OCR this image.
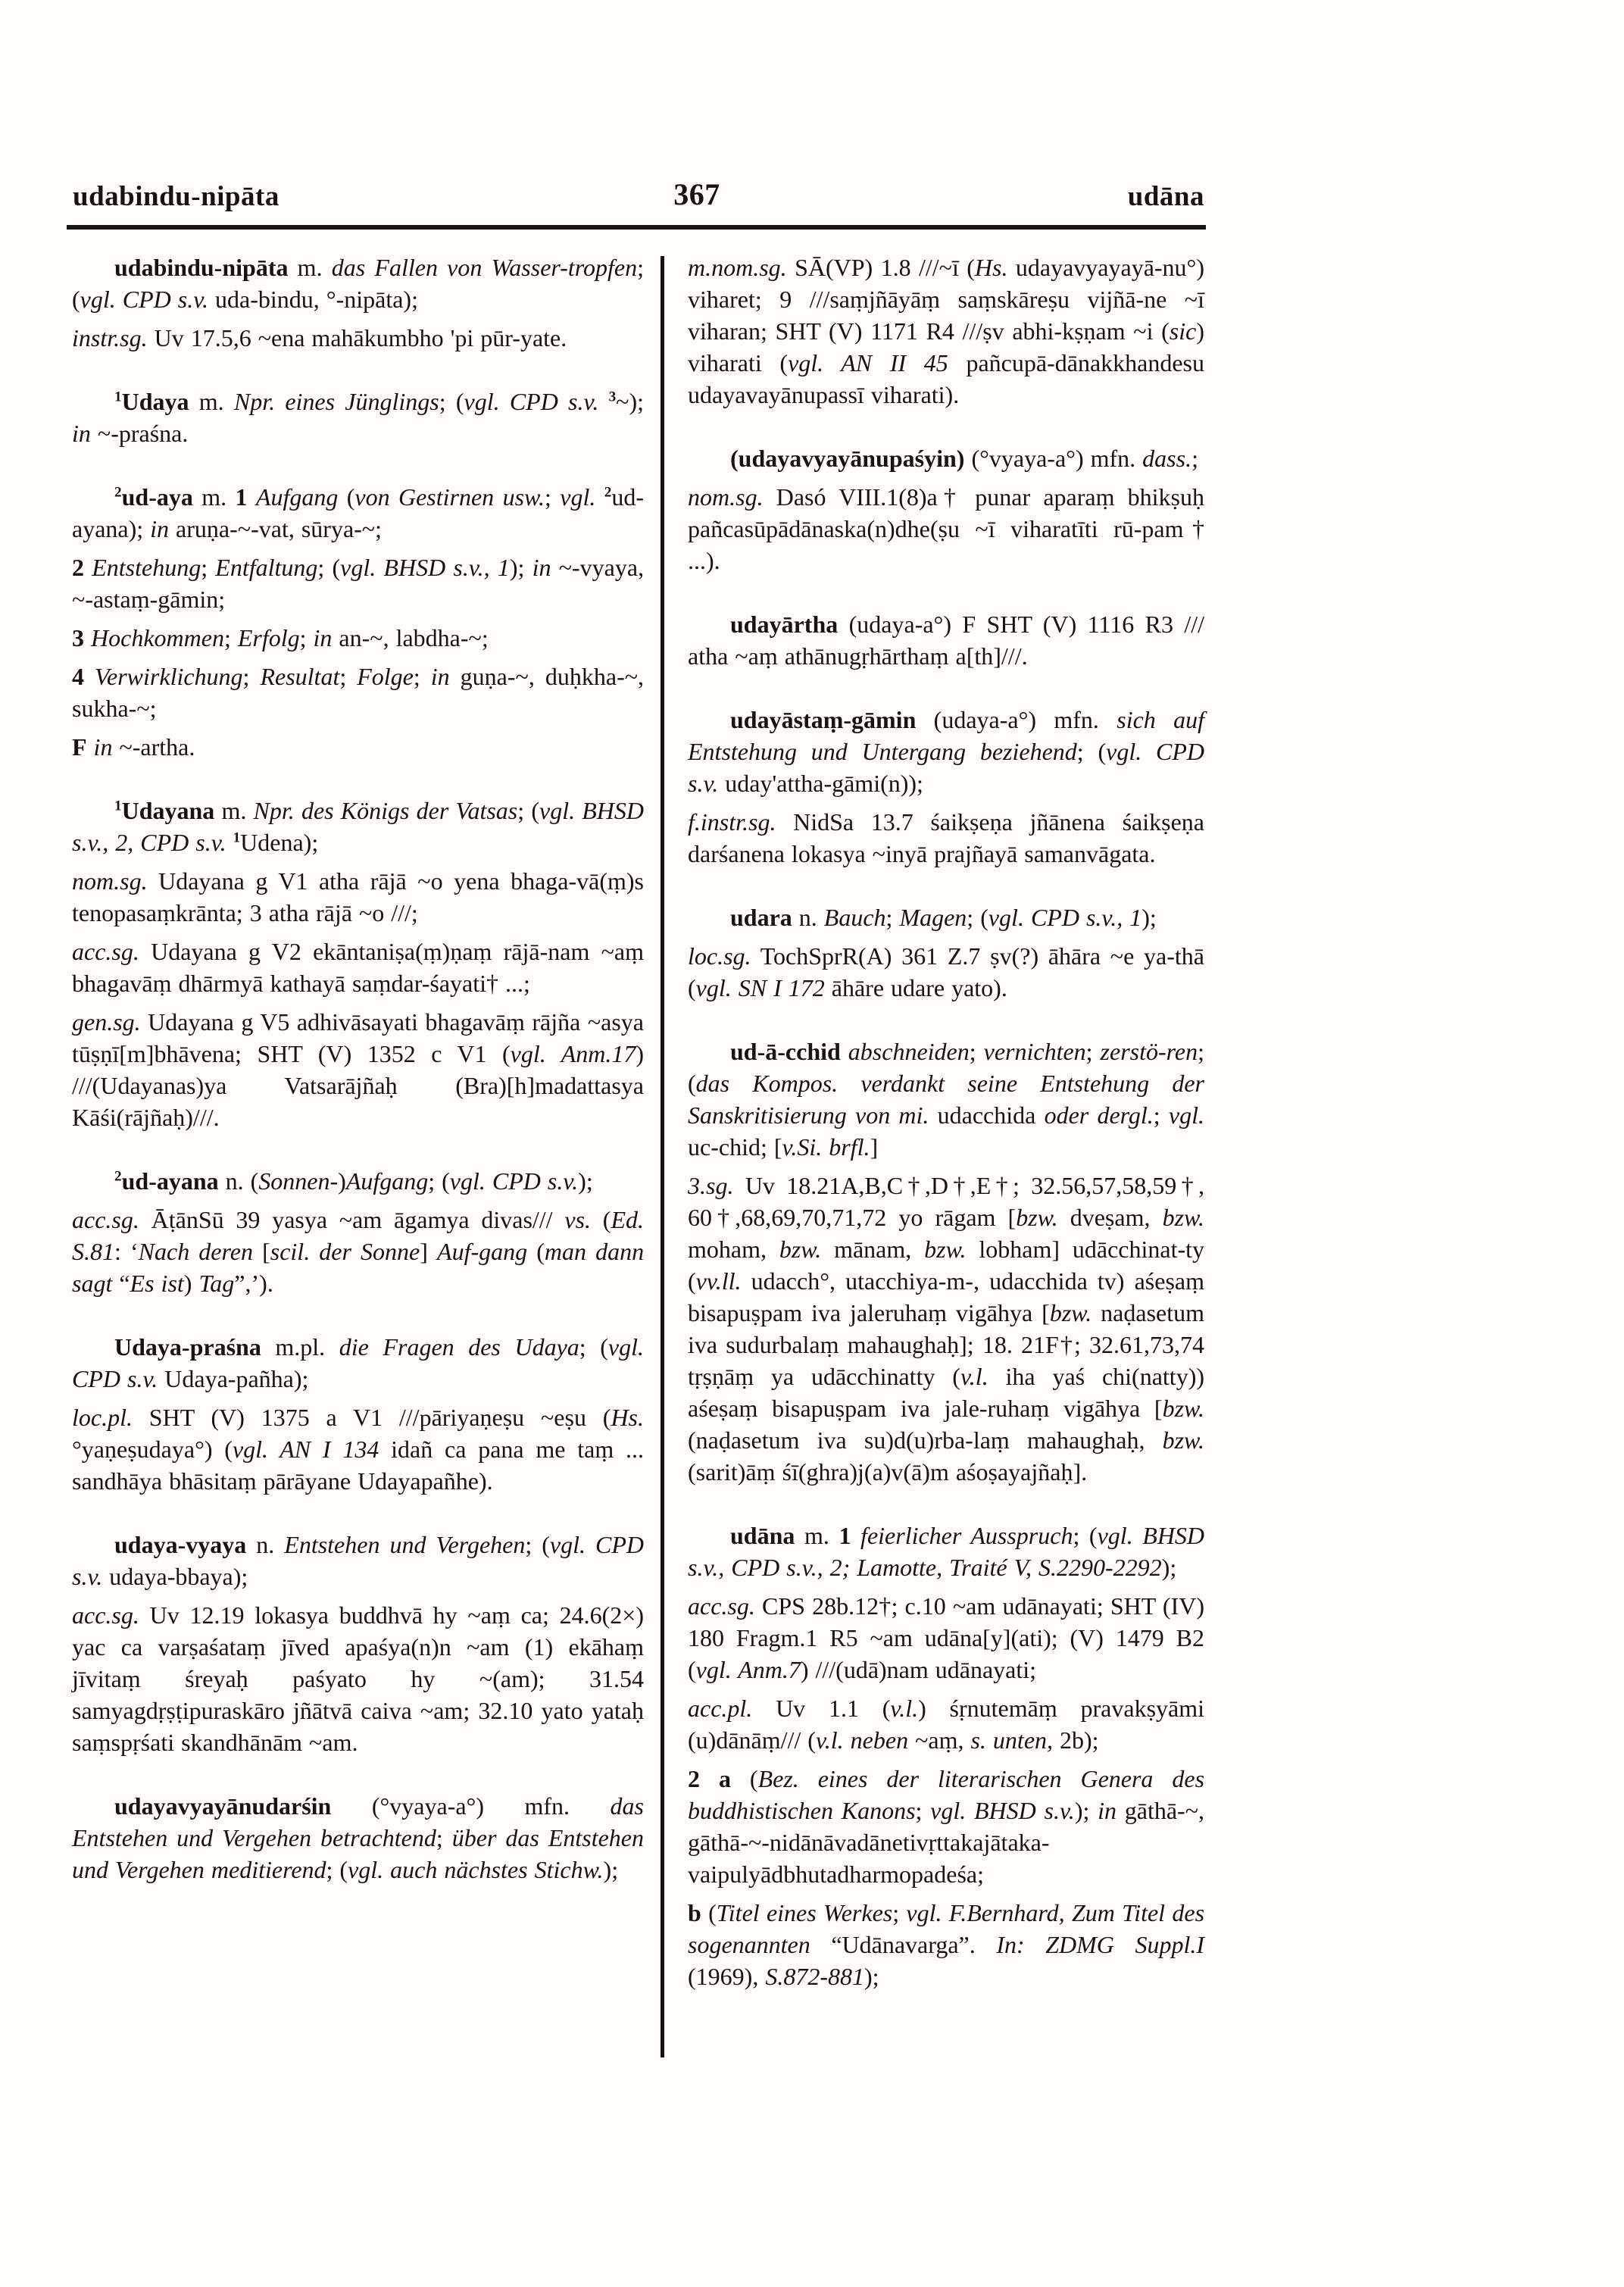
udabindu-nipāta	367	udāna

udabindu-nipāta m. das Fallen von Wasser-tropfen; (vgl. CPD s.v. uda-bindu, °-nipāta);

instr.sg. Uv 17.5,6 ~ena mahākumbho 'pi pūr-yate.

$^1$Udaya m. Npr. eines Jünglings; (vgl. CPD s.v. $^3$~); in ~-praśna.

$^2$ud-aya m. 1 Aufgang (von Gestirnen usw.; vgl. $^2$ud-ayana); in aruṇa-~-vat, sūrya-~;

2 Entstehung; Entfaltung; (vgl. BHSD s.v., 1); in ~-vyaya, ~-astaṃ-gāmin;

3 Hochkommen; Erfolg; in an-~, labdha-~;

4 Verwirklichung; Resultat; Folge; in guṇa-~, duḥkha-~, sukha-~;

F in ~-artha.

$^1$Udayana m. Npr. des Königs der Vatsas; (vgl. BHSD s.v., 2, CPD s.v. $^1$Udena);

nom.sg. Udayana g V1 atha rājā ~o yena bhaga-vā(ṃ)s tenopasaṃkrānta; 3 atha rājā ~o ///;

acc.sg. Udayana g V2 ekāntaniṣa(ṃ)ṇaṃ rājā-nam ~aṃ bhagavāṃ dhārmyā kathayā saṃdar-śayati† ...;

gen.sg. Udayana g V5 adhivāsayati bhagavāṃ rājña ~asya tūṣṇī[m]bhāvena; SHT (V) 1352 c V1 (vgl. Anm.17) ///(Udayanas)ya Vatsarājñaḥ (Bra)[h]madattasya Kāśi(rājñaḥ)///.

$^2$ud-ayana n. (Sonnen-)Aufgang; (vgl. CPD s.v.);

acc.sg. ĀṭānSū 39 yasya ~am āgamya divas/// vs. (Ed. S.81: ‘Nach deren [scil. der Sonne] Auf-gang (man dann sagt “Es ist) Tag”,’).

Udaya-praśna m.pl. die Fragen des Udaya; (vgl. CPD s.v. Udaya-pañha);

loc.pl. SHT (V) 1375 a V1 ///pāriyaṇeṣu ~eṣu (Hs. °yaṇeṣudaya°) (vgl. AN I 134 idañ ca pana me taṃ ... sandhāya bhāsitaṃ pārāyane Udayapañhe).

udaya-vyaya n. Entstehen und Vergehen; (vgl. CPD s.v. udaya-bbaya);

acc.sg. Uv 12.19 lokasya buddhvā hy ~aṃ ca; 24.6(2×) yac ca varṣaśataṃ jīved apaśya(n)n ~am (1) ekāhaṃ jīvitaṃ śreyaḥ paśyato hy ~(am); 31.54 samyagdṛṣṭipuraskāro jñātvā caiva ~am; 32.10 yato yataḥ saṃspṛśati skandhānām ~am.

udayavyayānudarśin (°vyaya-a°) mfn. das Entstehen und Vergehen betrachtend; über das Entstehen und Vergehen meditierend; (vgl. auch nächstes Stichw.);

m.nom.sg. SĀ(VP) 1.8 ///~ī (Hs. udayavyayayā-nu°) viharet; 9 ///saṃjñāyāṃ saṃskāreṣu vijñā-ne ~ī viharan; SHT (V) 1171 R4 ///ṣv abhi-kṣṇam ~i (sic) viharati (vgl. AN II 45 pañcupā-dānakkhandesu udayavayānupassī viharati).

(udayavyayānupaśyin) (°vyaya-a°) mfn. dass.;

nom.sg. Dasó VIII.1(8)a† punar aparaṃ bhikṣuḥ pañcasūpādānaska(n)dhe(ṣu ~ī viharatīti rū-pam† ...).

udayārtha (udaya-a°) F SHT (V) 1116 R3 /// atha ~aṃ athānugṛhārthaṃ a[th]///.

udayāstaṃ-gāmin (udaya-a°) mfn. sich auf Entstehung und Untergang beziehend; (vgl. CPD s.v. uday'attha-gāmi(n));

f.instr.sg. NidSa 13.7 śaikṣeṇa jñānena śaikṣeṇa darśanena lokasya ~inyā prajñayā samanvāgata.

udara n. Bauch; Magen; (vgl. CPD s.v., 1);

loc.sg. TochSprR(A) 361 Z.7 ṣv(?) āhāra ~e ya-thā (vgl. SN I 172 āhāre udare yato).

ud-ā-cchid abschneiden; vernichten; zerstö-ren; (das Kompos. verdankt seine Entstehung der Sanskritisierung von mi. udacchida oder dergl.; vgl. uc-chid; [v.Si. brfl.]

3.sg. Uv 18.21A,B,C†,D†,E†; 32.56,57,58,59†, 60†,68,69,70,71,72 yo rāgam [bzw. dveṣam, bzw. moham, bzw. mānam, bzw. lobham] udācchinat-ty (vv.ll. udacch°, utacchiya-m-, udacchida tv) aśeṣaṃ bisapuṣpam iva jaleruhaṃ vigāhya [bzw. naḍasetum iva sudurbalaṃ mahaughaḥ]; 18. 21F†; 32.61,73,74 tṛṣṇāṃ ya udācchinatty (v.l. iha yaś chi(natty)) aśeṣaṃ bisapuṣpam iva jale-ruhaṃ vigāhya [bzw. (naḍasetum iva su)d(u)rba-laṃ mahaughaḥ, bzw. (sarit)āṃ śī(ghra)j(a)v(ā)m aśoṣayajñaḥ].

udāna m. 1 feierlicher Ausspruch; (vgl. BHSD s.v., CPD s.v., 2; Lamotte, Traité V, S.2290-2292);

acc.sg. CPS 28b.12†; c.10 ~am udānayati; SHT (IV) 180 Fragm.1 R5 ~am udāna[y](ati); (V) 1479 B2 (vgl. Anm.7) ///(udā)nam udānayati;

acc.pl. Uv 1.1 (v.l.) śṛnutemāṃ pravakṣyāmi (u)dānāṃ/// (v.l. neben ~aṃ, s. unten, 2b);

2 a (Bez. eines der literarischen Genera des buddhistischen Kanons; vgl. BHSD s.v.); in gāthā-~, gāthā-~-nidānāvadānetivṛttakajātaka-vaipulyādbhutadharmopadeśa;

b (Titel eines Werkes; vgl. F.Bernhard, Zum Titel des sogenannten “Udānavarga”. In: ZDMG Suppl.I (1969), S.872-881);
